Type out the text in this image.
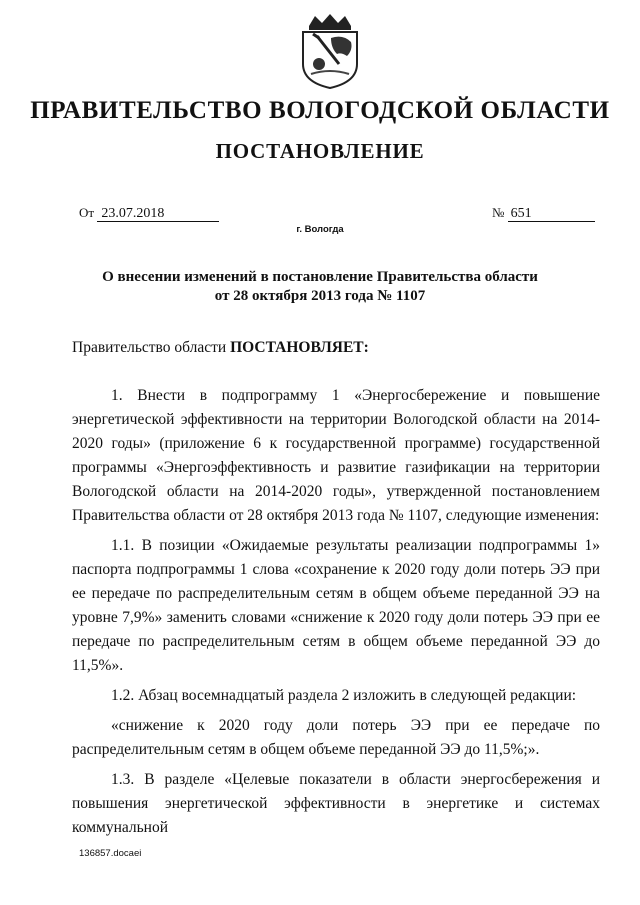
ПРАВИТЕЛЬСТВО ВОЛОГОДСКОЙ ОБЛАСТИ
ПОСТАНОВЛЕНИЕ
От 23.07.2018	№ 651
г. Вологда
О внесении изменений в постановление Правительства области
от 28 октября 2013 года № 1107
Правительство области ПОСТАНОВЛЯЕТ:

1. Внести в подпрограмму 1 «Энергосбережение и повышение энергетической эффективности на территории Вологодской области на 2014-2020 годы» (приложение 6 к государственной программе) государственной программы «Энергоэффективность и развитие газификации на территории Вологодской области на 2014-2020 годы», утвержденной постановлением Правительства области от 28 октября 2013 года № 1107, следующие изменения:

1.1. В позиции «Ожидаемые результаты реализации подпрограммы 1» паспорта подпрограммы 1 слова «сохранение к 2020 году доли потерь ЭЭ при ее передаче по распределительным сетям в общем объеме переданной ЭЭ на уровне 7,9%» заменить словами «снижение к 2020 году доли потерь ЭЭ при ее передаче по распределительным сетям в общем объеме переданной ЭЭ до 11,5%».

1.2. Абзац восемнадцатый раздела 2 изложить в следующей редакции:

«снижение к 2020 году доли потерь ЭЭ при ее передаче по распределительным сетям в общем объеме переданной ЭЭ до 11,5%;».

1.3. В разделе «Целевые показатели в области энергосбережения и повышения энергетической эффективности в энергетике и системах коммунальной

136857.docaei
